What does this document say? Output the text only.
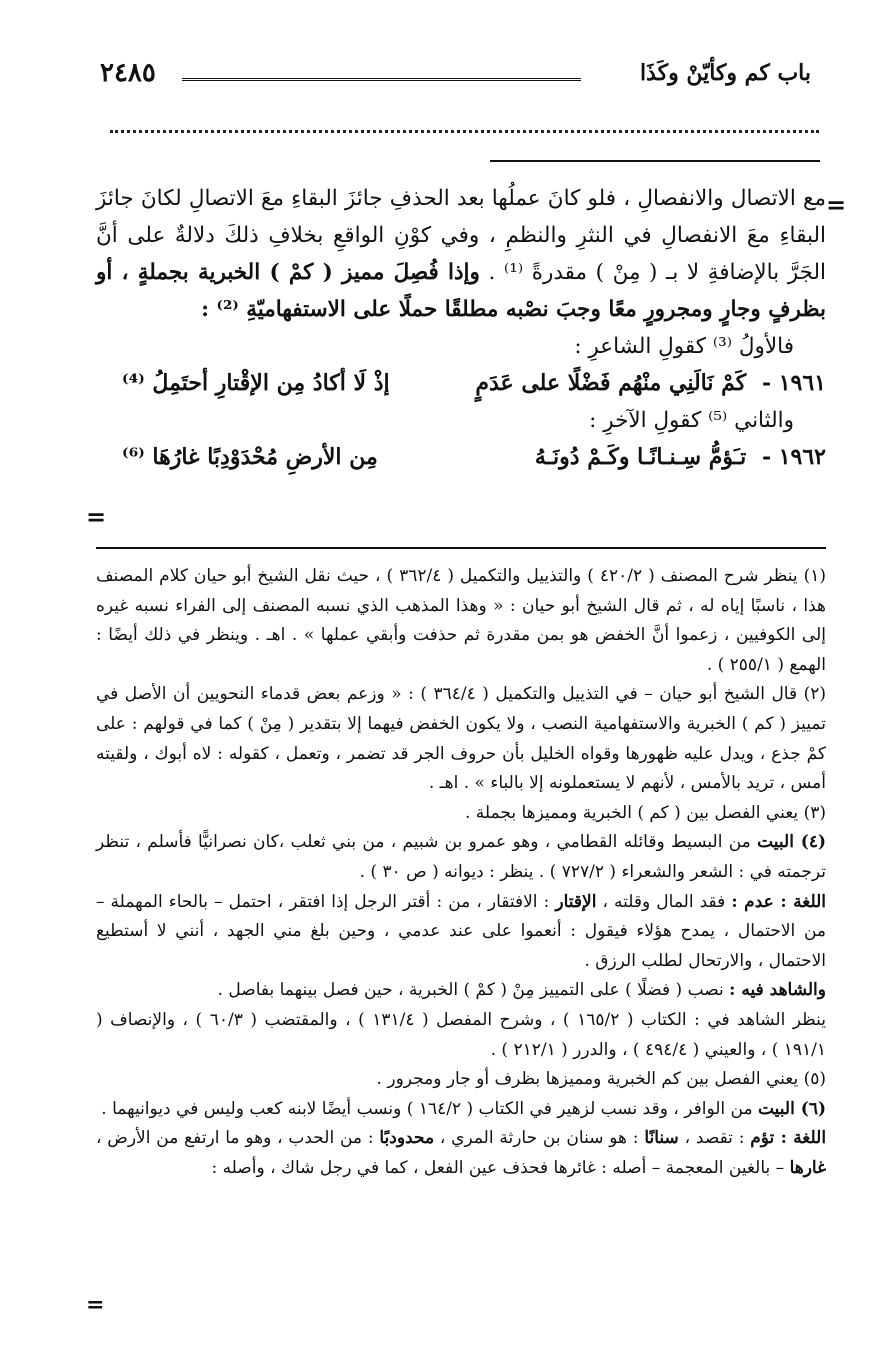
باب كم وكأيّنْ وكَذَا
٢٤٨٥
=

مع الاتصال والانفصالِ ، فلو كانَ عملُها بعد الحذفِ جائزَ البقاءِ معَ الاتصالِ لكانَ جائزَ البقاءِ معَ الانفصالِ في النثرِ والنظمِ ، وفي كوْنِ الواقعِ بخلافِ ذلكَ دلالةٌ على أنَّ الجَرَّ بالإضافةِ لا بـ ( مِنْ ) مقدرةً ⁽¹⁾ . وإذا فُصِلَ مميز ( كمْ ) الخبرية بجملةٍ ، أو بظرفٍ وجارٍ ومجرورٍ معًا وجبَ نصْبه مطلقًا حملًا على الاستفهاميّةِ ⁽²⁾ :

فالأولُ ⁽³⁾ كقولِ الشاعرِ :

١٩٦١ - كَمْ نَالَنِي منْهُم فَضْلًا على عَدَمٍ
إذْ لَا أكادُ مِن الإقْتارِ أحتَمِلُ ⁽⁴⁾

والثاني ⁽⁵⁾ كقولِ الآخرِ :

١٩٦٢ - تـَؤمُّ سِـنـانًـا وكَـمْ دُونَـهُ
مِن الأرضِ مُحْدَوْدِبًا غارُهَا ⁽⁶⁾

=

(١) ينظر شرح المصنف ( ٤٢٠/٢ ) والتذييل والتكميل ( ٣٦٢/٤ ) ، حيث نقل الشيخ أبو حيان كلام المصنف هذا ، ناسبًا إياه له ، ثم قال الشيخ أبو حيان : « وهذا المذهب الذي نسبه المصنف إلى الفراء نسبه غيره إلى الكوفيين ، زعموا أنَّ الخفض هو بمن مقدرة ثم حذفت وأبقي عملها » . اهـ . وينظر في ذلك أيضًا : الهمع ( ٢٥٥/١ ) .

(٢) قال الشيخ أبو حيان – في التذييل والتكميل ( ٣٦٤/٤ ) : « وزعم بعض قدماء النحويين أن الأصل في تمييز ( كم ) الخبرية والاستفهامية النصب ، ولا يكون الخفض فيهما إلا بتقدير ( مِنْ ) كما في قولهم : على كمْ جذع ، ويدل عليه ظهورها وقواه الخليل بأن حروف الجر قد تضمر ، وتعمل ، كقوله : لاه أبوك ، ولقيته أمس ، تريد بالأمس ، لأنهم لا يستعملونه إلا بالباء » . اهـ .

(٣) يعني الفصل بين ( كم ) الخبرية ومميزها بجملة .

(٤) البيت من البسيط وقائله القطامي ، وهو عمرو بن شبيم ، من بني ثعلب ،كان نصرانيًّا فأسلم ، تنظر ترجمته في : الشعر والشعراء ( ٧٢٧/٢ ) . ينظر : ديوانه ( ص ٣٠ ) .

اللغة : عدم : فقد المال وقلته ، الإقتار : الافتقار ، من : أقتر الرجل إذا افتقر ، احتمل – بالحاء المهملة – من الاحتمال ، يمدح هؤلاء فيقول : أنعموا على عند عدمي ، وحين بلغ مني الجهد ، أنني لا أستطيع الاحتمال ، والارتحال لطلب الرزق .

والشاهد فيه : نصب ( فضلًا ) على التمييز مِنْ ( كمْ ) الخبرية ، حين فصل بينهما بفاصل .

ينظر الشاهد في : الكتاب ( ١٦٥/٢ ) ، وشرح المفصل ( ١٣١/٤ ) ، والمقتضب ( ٦٠/٣ ) ، والإنصاف ( ١٩١/١ ) ، والعيني ( ٤٩٤/٤ ) ، والدرر ( ٢١٢/١ ) .

(٥) يعني الفصل بين كم الخبرية ومميزها بظرف أو جار ومجرور .

(٦) البيت من الوافر ، وقد نسب لزهير في الكتاب ( ١٦٤/٢ ) ونسب أيضًا لابنه كعب وليس في ديوانيهما .

اللغة : تؤم : تقصد ، سنانًا : هو سنان بن حارثة المري ، محدودبًا : من الحدب ، وهو ما ارتفع من الأرض ، غارها – بالغين المعجمة – أصله : غائرها فحذف عين الفعل ، كما في رجل شاك ، وأصله :

=
